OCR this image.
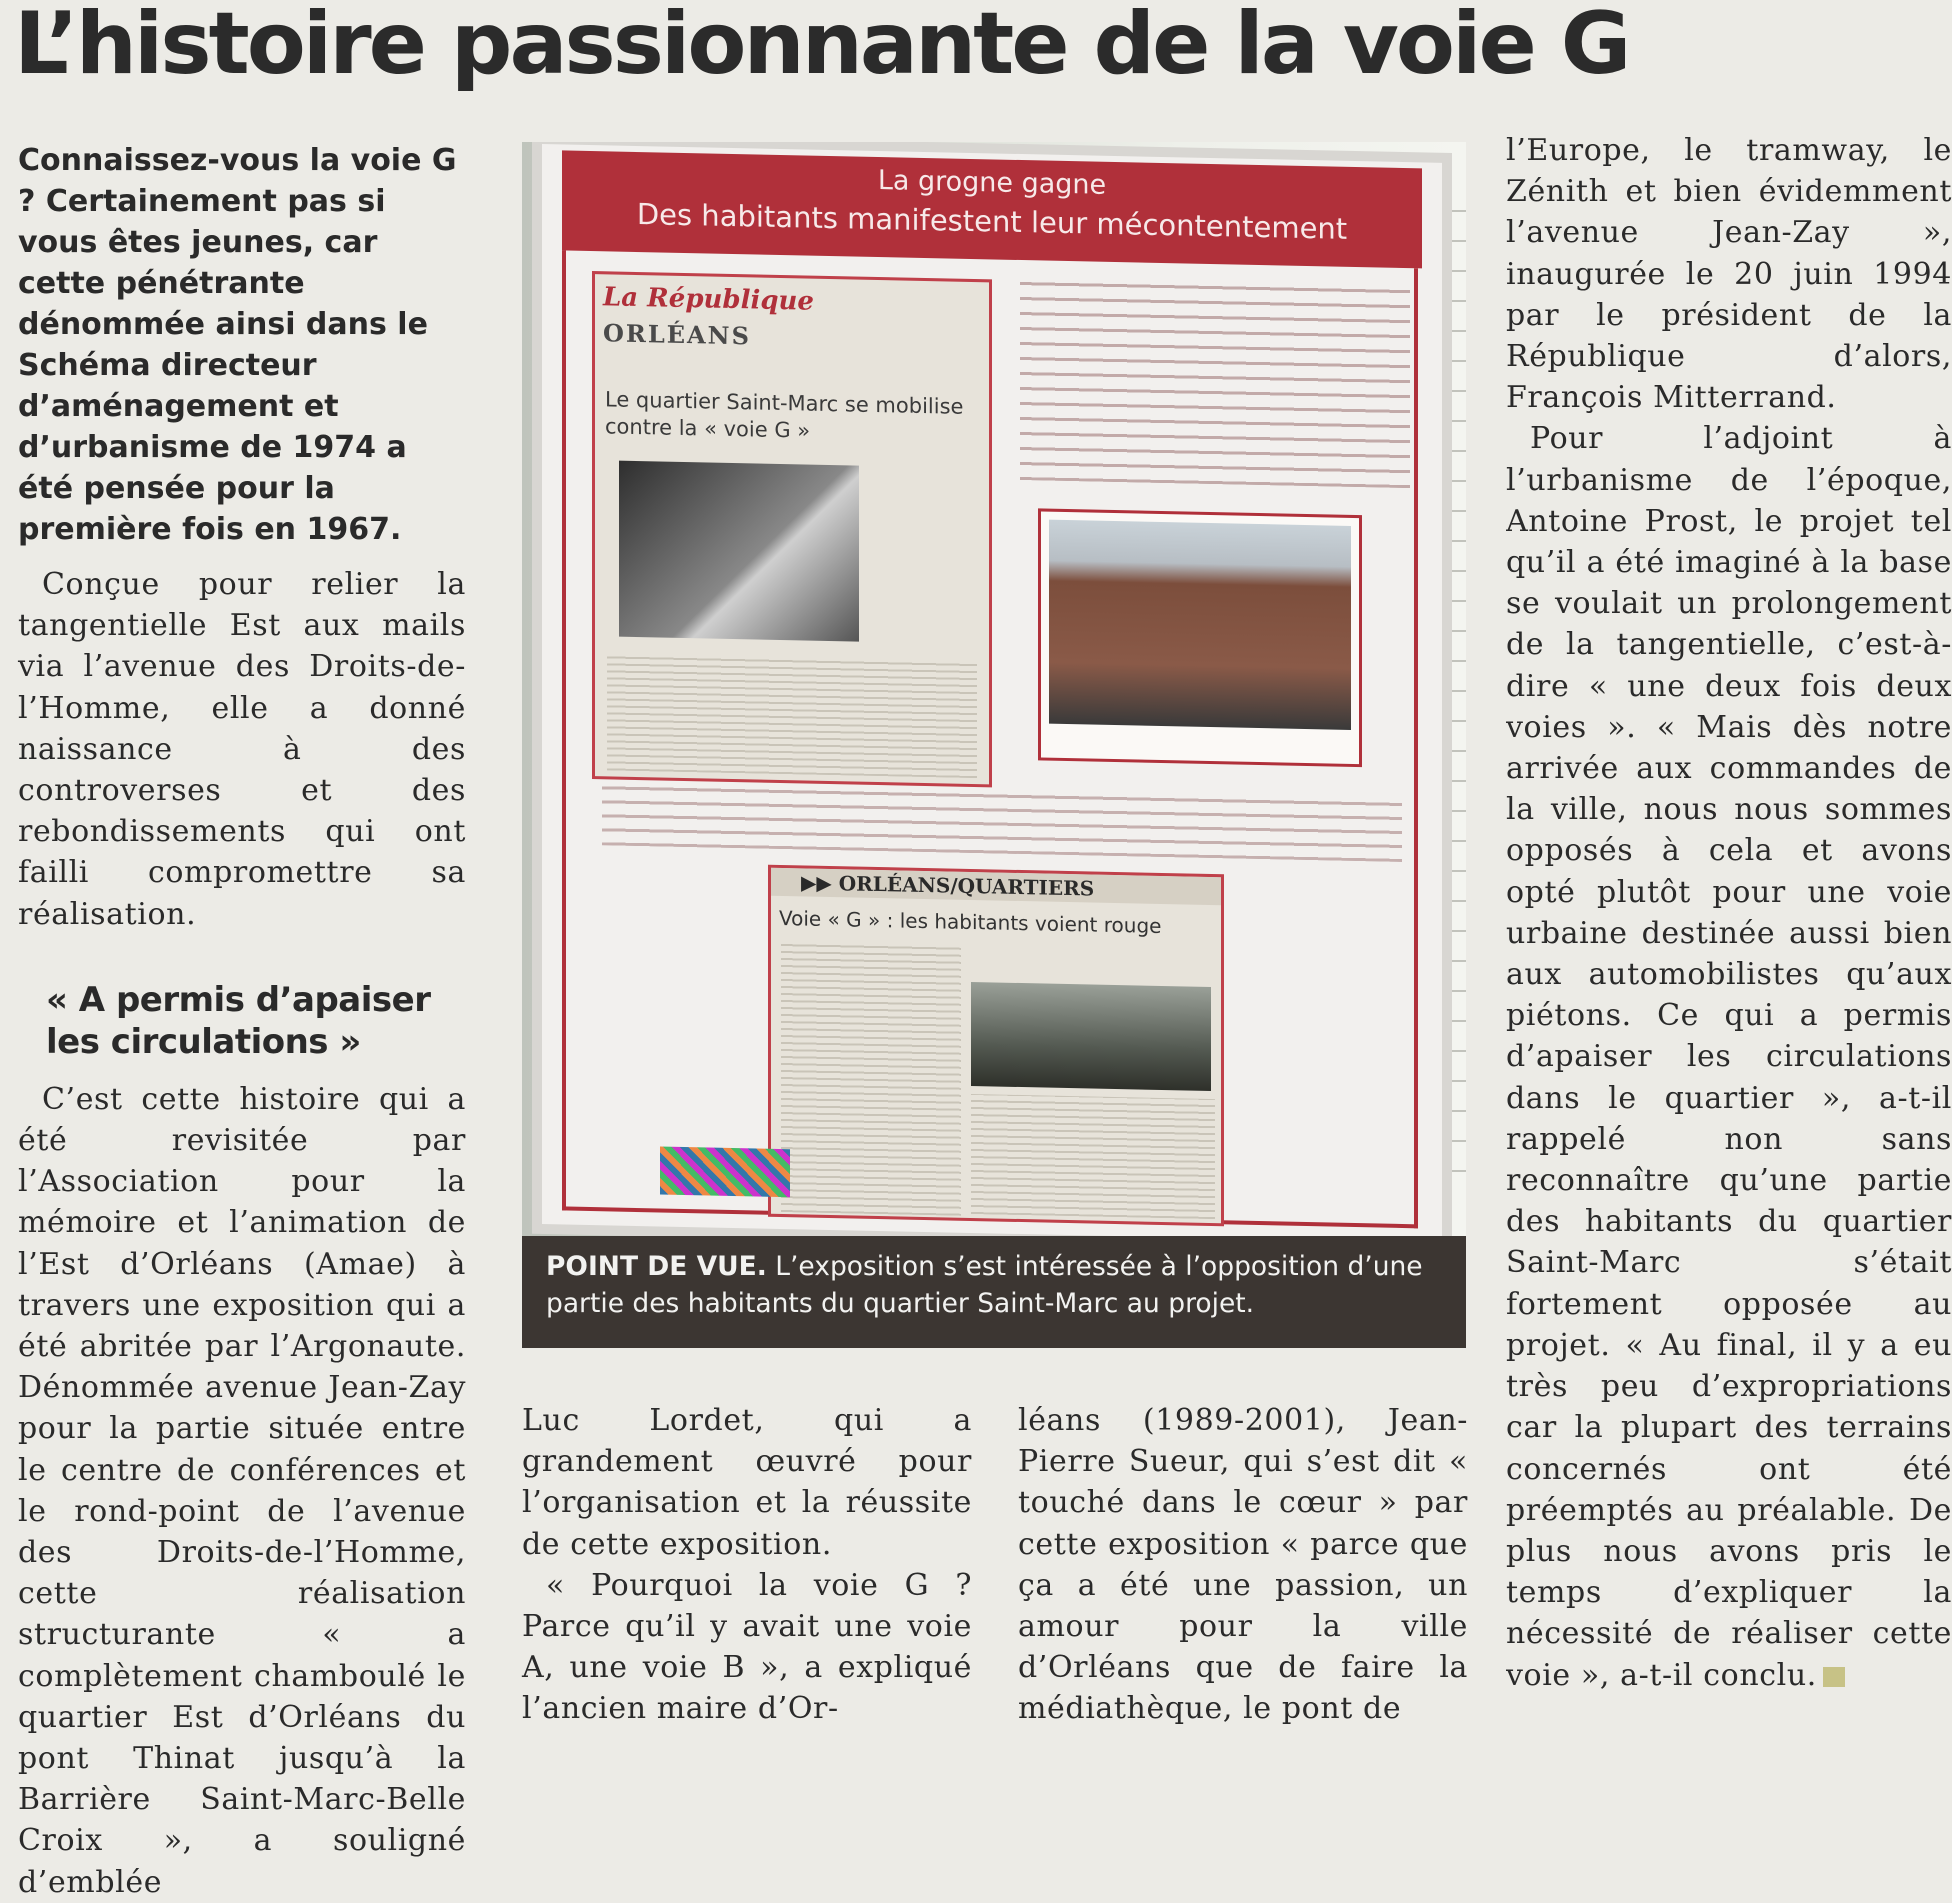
L’histoire passionnante de la voie G

Connaissez-vous la voie G ? Certainement pas si vous êtes jeunes, car cette pénétrante dénommée ainsi dans le Schéma directeur d’aménagement et d’urbanisme de 1974 a été pensée pour la première fois en 1967.

Conçue pour relier la tangentielle Est aux mails via l’avenue des Droits-de-l’Homme, elle a donné naissance à des controverses et des rebondissements qui ont failli compromettre sa réalisation.

« A permis d’apaiser les circulations »

C’est cette histoire qui a été revisitée par l’Association pour la mémoire et l’animation de l’Est d’Orléans (Amae) à travers une exposition qui a été abritée par l’Argonaute. Dénommée avenue Jean-Zay pour la partie située entre le centre de conférences et le rond-point de l’avenue des Droits-de-l’Homme, cette réalisation structurante « a complètement chamboulé le quartier Est d’Orléans du pont Thinat jusqu’à la Barrière Saint-Marc-Belle Croix », a souligné d’emblée

La grogne gagne
Des habitants manifestent leur mécontentement
La République
ORLÉANS
Le quartier Saint-Marc se mobilise contre la « voie G »
▶▶ ORLÉANS/QUARTIERS
Voie « G » : les habitants voient rouge
POINT DE VUE. L’exposition s’est intéressée à l’opposition d’une partie des habitants du quartier Saint-Marc au projet.

Luc Lordet, qui a grandement œuvré pour l’organisation et la réussite de cette exposition.

« Pourquoi la voie G ? Parce qu’il y avait une voie A, une voie B », a expliqué l’ancien maire d’Or-

léans (1989-2001), Jean-Pierre Sueur, qui s’est dit « touché dans le cœur » par cette exposition « parce que ça a été une passion, un amour pour la ville d’Orléans que de faire la médiathèque, le pont de

l’Europe, le tramway, le Zénith et bien évidemment l’avenue Jean-Zay », inaugurée le 20 juin 1994 par le président de la République d’alors, François Mitterrand.

Pour l’adjoint à l’urbanisme de l’époque, Antoine Prost, le projet tel qu’il a été imaginé à la base se voulait un prolongement de la tangentielle, c’est-à-dire « une deux fois deux voies ». « Mais dès notre arrivée aux commandes de la ville, nous nous sommes opposés à cela et avons opté plutôt pour une voie urbaine destinée aussi bien aux automobilistes qu’aux piétons. Ce qui a permis d’apaiser les circulations dans le quartier », a-t-il rappelé non sans reconnaître qu’une partie des habitants du quartier Saint-Marc s’était fortement opposée au projet. « Au final, il y a eu très peu d’expropriations car la plupart des terrains concernés ont été préemptés au préalable. De plus nous avons pris le temps d’expliquer la nécessité de réaliser cette voie », a-t-il conclu.
